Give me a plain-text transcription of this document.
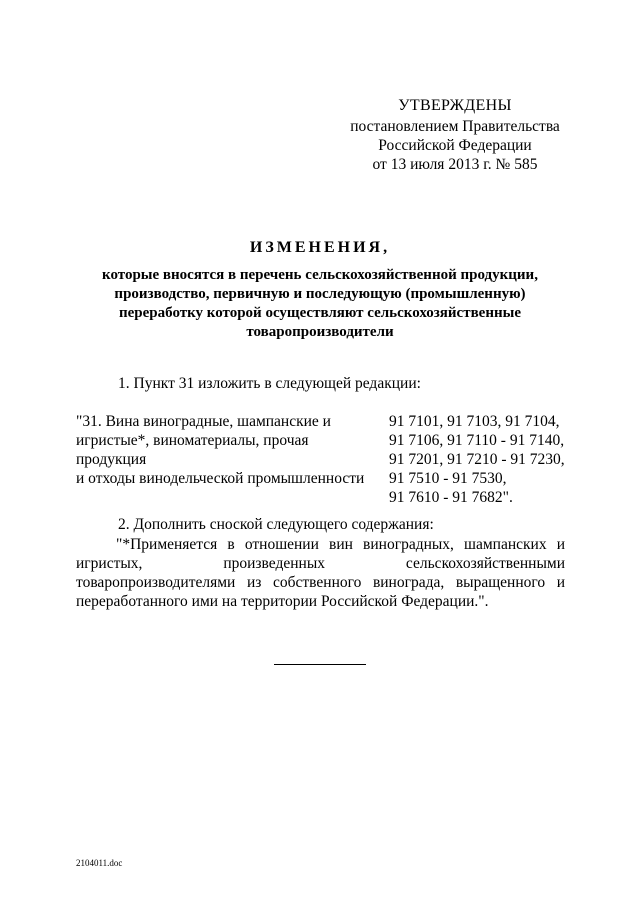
УТВЕРЖДЕНЫ
постановлением Правительства
Российской Федерации
от 13 июля 2013 г. № 585
ИЗМЕНЕНИЯ,
которые вносятся в перечень сельскохозяйственной продукции,
производство, первичную и последующую (промышленную)
переработку которой осуществляют сельскохозяйственные
товаропроизводители
1. Пункт 31 изложить в следующей редакции:
"31. Вина виноградные, шампанские и
игристые*, виноматериалы, прочая продукция
и отходы винодельческой промышленности
91 7101, 91 7103, 91 7104,
91 7106, 91 7110 - 91 7140,
91 7201, 91 7210 - 91 7230,
91 7510 - 91 7530,
91 7610 - 91 7682".
2. Дополнить сноской следующего содержания:
"*Применяется в отношении вин виноградных, шампанских и игристых, произведенных сельскохозяйственными товаропроизводителями из собственного винограда, выращенного и переработанного ими на территории Российской Федерации.".
2104011.doc
